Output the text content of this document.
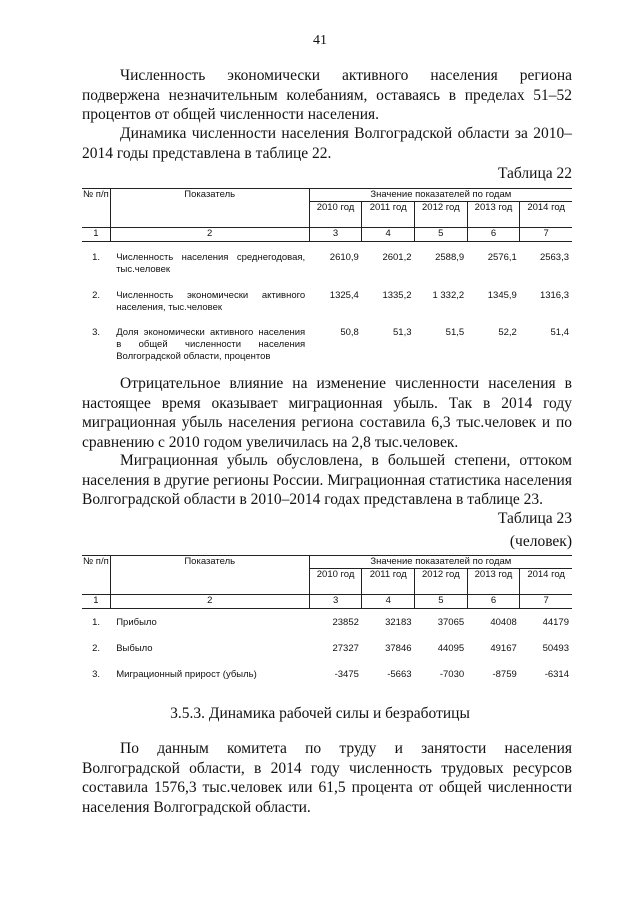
41

Численность экономически активного населения региона подвержена незначительным колебаниям, оставаясь в пределах 51–52 процентов от общей численности населения.

Динамика численности населения Волгоградской области за 2010–2014 годы представлена в таблице 22.

Таблица 22
№ п/п	Показатель	Значение показателей по годам				
		2010 год	2011 год	2012 год	2013 год	2014 год
1	2	3	4	5	6	7

1.	Численность населения среднегодовая, тыс.человек	2610,9	2601,2	2588,9	2576,1	2563,3
2.	Численность экономически активного населения, тыс.человек	1325,4	1335,2	1 332,2	1345,9	1316,3
3.	Доля экономически активного населения в общей численности населения Волгоградской области, процентов	50,8	51,3	51,5	52,2	51,4

Отрицательное влияние на изменение численности населения в настоящее время оказывает миграционная убыль. Так в 2014 году миграционная убыль населения региона составила 6,3 тыс.человек и по сравнению с 2010 годом увеличилась на 2,8 тыс.человек.

Миграционная убыль обусловлена, в большей степени, оттоком населения в другие регионы России. Миграционная статистика населения Волгоградской области в 2010–2014 годах представлена в таблице 23.

Таблица 23
(человек)
№ п/п	Показатель	Значение показателей по годам				
		2010 год	2011 год	2012 год	2013 год	2014 год
1	2	3	4	5	6	7

1.	Прибыло	23852	32183	37065	40408	44179
2.	Выбыло	27327	37846	44095	49167	50493
3.	Миграционный прирост (убыль)	-3475	-5663	-7030	-8759	-6314
3.5.3. Динамика рабочей силы и безработицы

По данным комитета по труду и занятости населения Волгоградской области, в 2014 году численность трудовых ресурсов составила 1576,3 тыс.человек или 61,5 процента от общей численности населения Волгоградской области.
